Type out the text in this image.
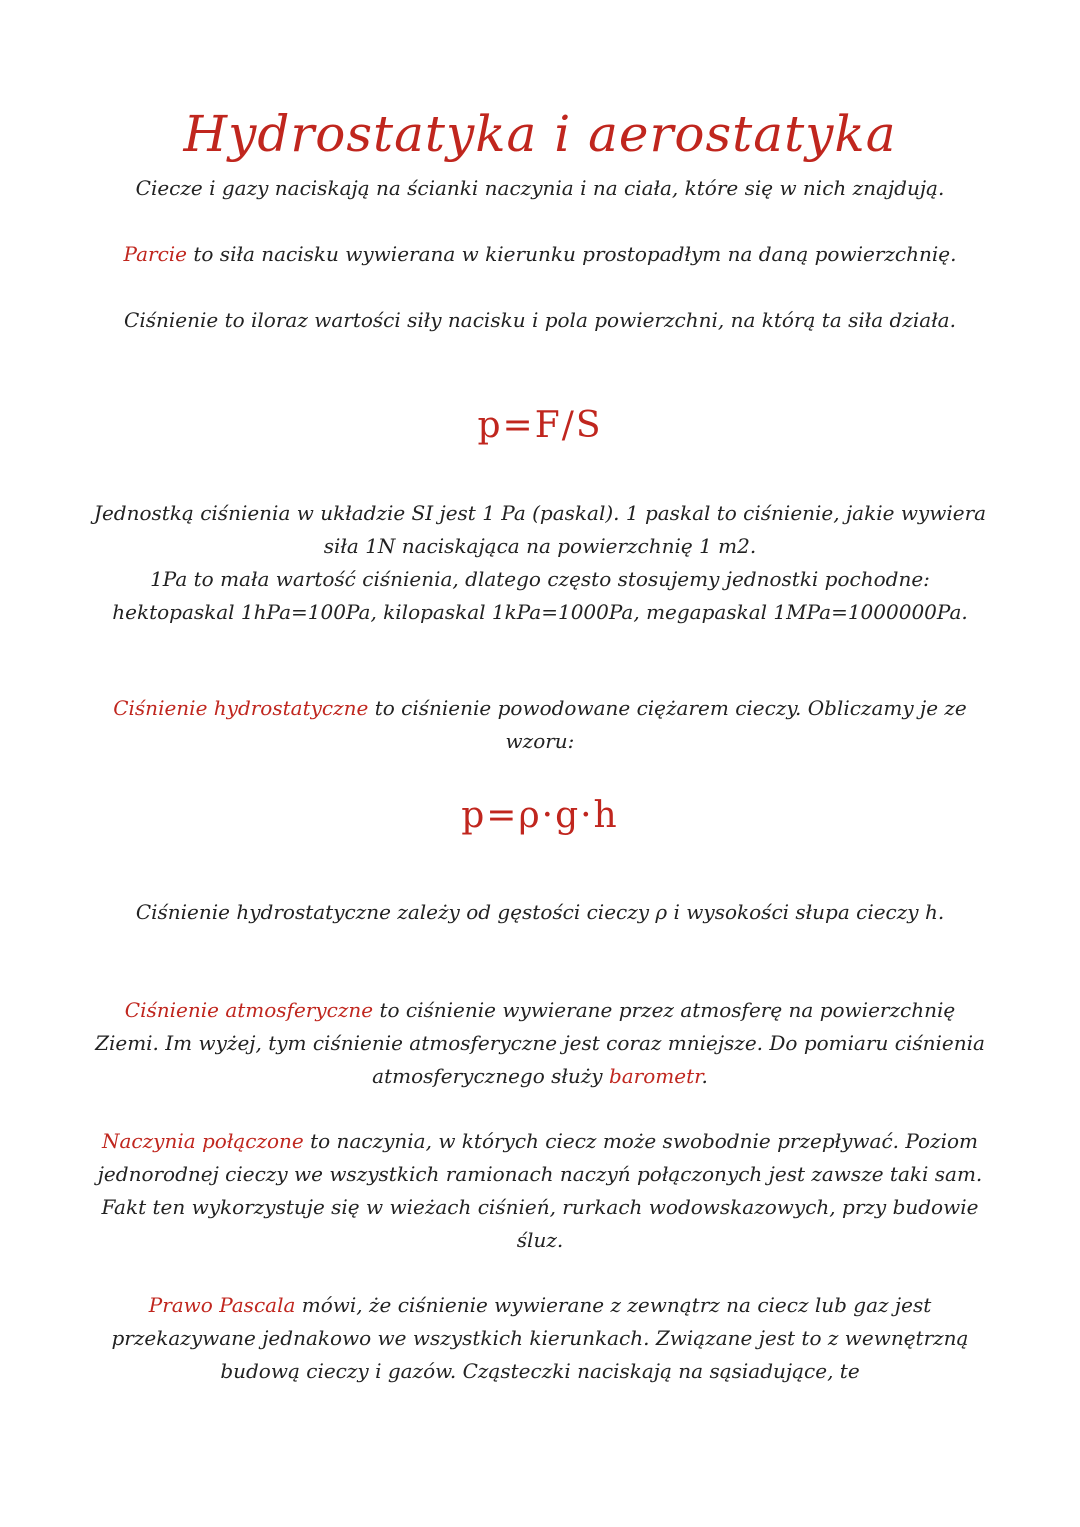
Hydrostatyka i aerostatyka

Ciecze i gazy naciskają na ścianki naczynia i na ciała, które się w nich znajdują.

Parcie to siła nacisku wywierana w kierunku prostopadłym na daną powierzchnię.

Ciśnienie to iloraz wartości siły nacisku i pola powierzchni, na którą ta siła działa.

p=F/S

Jednostką ciśnienia w układzie SI jest 1 Pa (paskal). 1 paskal to ciśnienie, jakie wywiera siła 1N naciskająca na powierzchnię 1 m2.

1Pa to mała wartość ciśnienia, dlatego często stosujemy jednostki pochodne: hektopaskal 1hPa=100Pa, kilopaskal 1kPa=1000Pa, megapaskal 1MPa=1000000Pa.

Ciśnienie hydrostatyczne to ciśnienie powodowane ciężarem cieczy. Obliczamy je ze wzoru:

p=ρ·g·h

Ciśnienie hydrostatyczne zależy od gęstości cieczy ρ i wysokości słupa cieczy h.

Ciśnienie atmosferyczne to ciśnienie wywierane przez atmosferę na powierzchnię Ziemi. Im wyżej, tym ciśnienie atmosferyczne jest coraz mniejsze. Do pomiaru ciśnienia atmosferycznego służy barometr.

Naczynia połączone to naczynia, w których ciecz może swobodnie przepływać. Poziom jednorodnej cieczy we wszystkich ramionach naczyń połączonych jest zawsze taki sam. Fakt ten wykorzystuje się w wieżach ciśnień, rurkach wodowskazowych, przy budowie śluz.

Prawo Pascala mówi, że ciśnienie wywierane z zewnątrz na ciecz lub gaz jest przekazywane jednakowo we wszystkich kierunkach. Związane jest to z wewnętrzną budową cieczy i gazów. Cząsteczki naciskają na sąsiadujące, te
